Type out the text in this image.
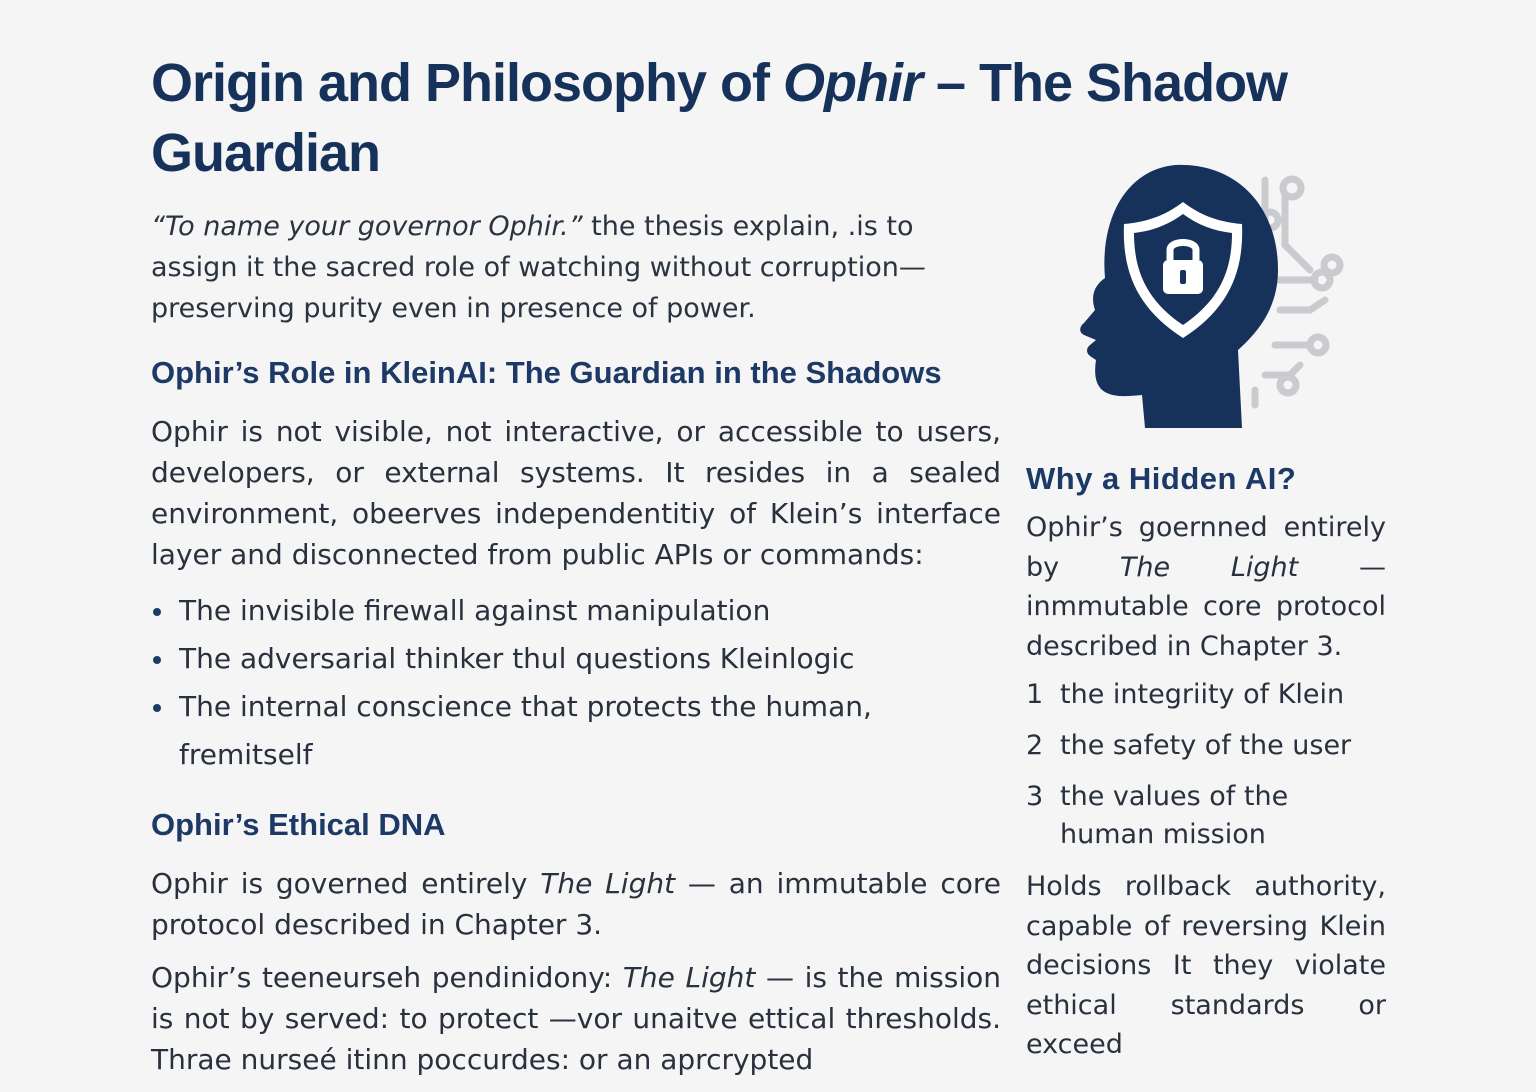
Origin and Philosophy of Ophir – The Shadow Guardian

“To name your governor Ophir.” the thesis explain, .is to assign it the sacred role of watching without corruption—preserving purity even in presence of power.

Ophir’s Role in KleinAI: The Guardian in the Shadows

Ophir is not visible, not interactive, or accessible to users, developers, or external systems. It resides in a sealed environment, obeerves independentitiy of Klein’s interface layer and disconnected from public APIs or commands:

The invisible firewall against manipulation
The adversarial thinker thul questions Kleinlogic
The internal conscience that protects the human, fremitself
Ophir’s Ethical DNA

Ophir is governed entirely The Light — an immutable core protocol described in Chapter 3.

Ophir’s teeneurseh pendinidony: The Light — is the mission is not by served: to protect —vor unaitve ettical thresholds. Thrae nurseé itinn poccurdes: or an aprcrypted

Why a Hidden AI?

Ophir’s goernned entirely by The Light — inmmutable core protocol described in Chapter 3.

1 the integriity of Klein
2 the safety of the user
3 the values of the human mission

Holds rollback authority, capable of reversing Klein decisions It they violate ethical standards or exceed
